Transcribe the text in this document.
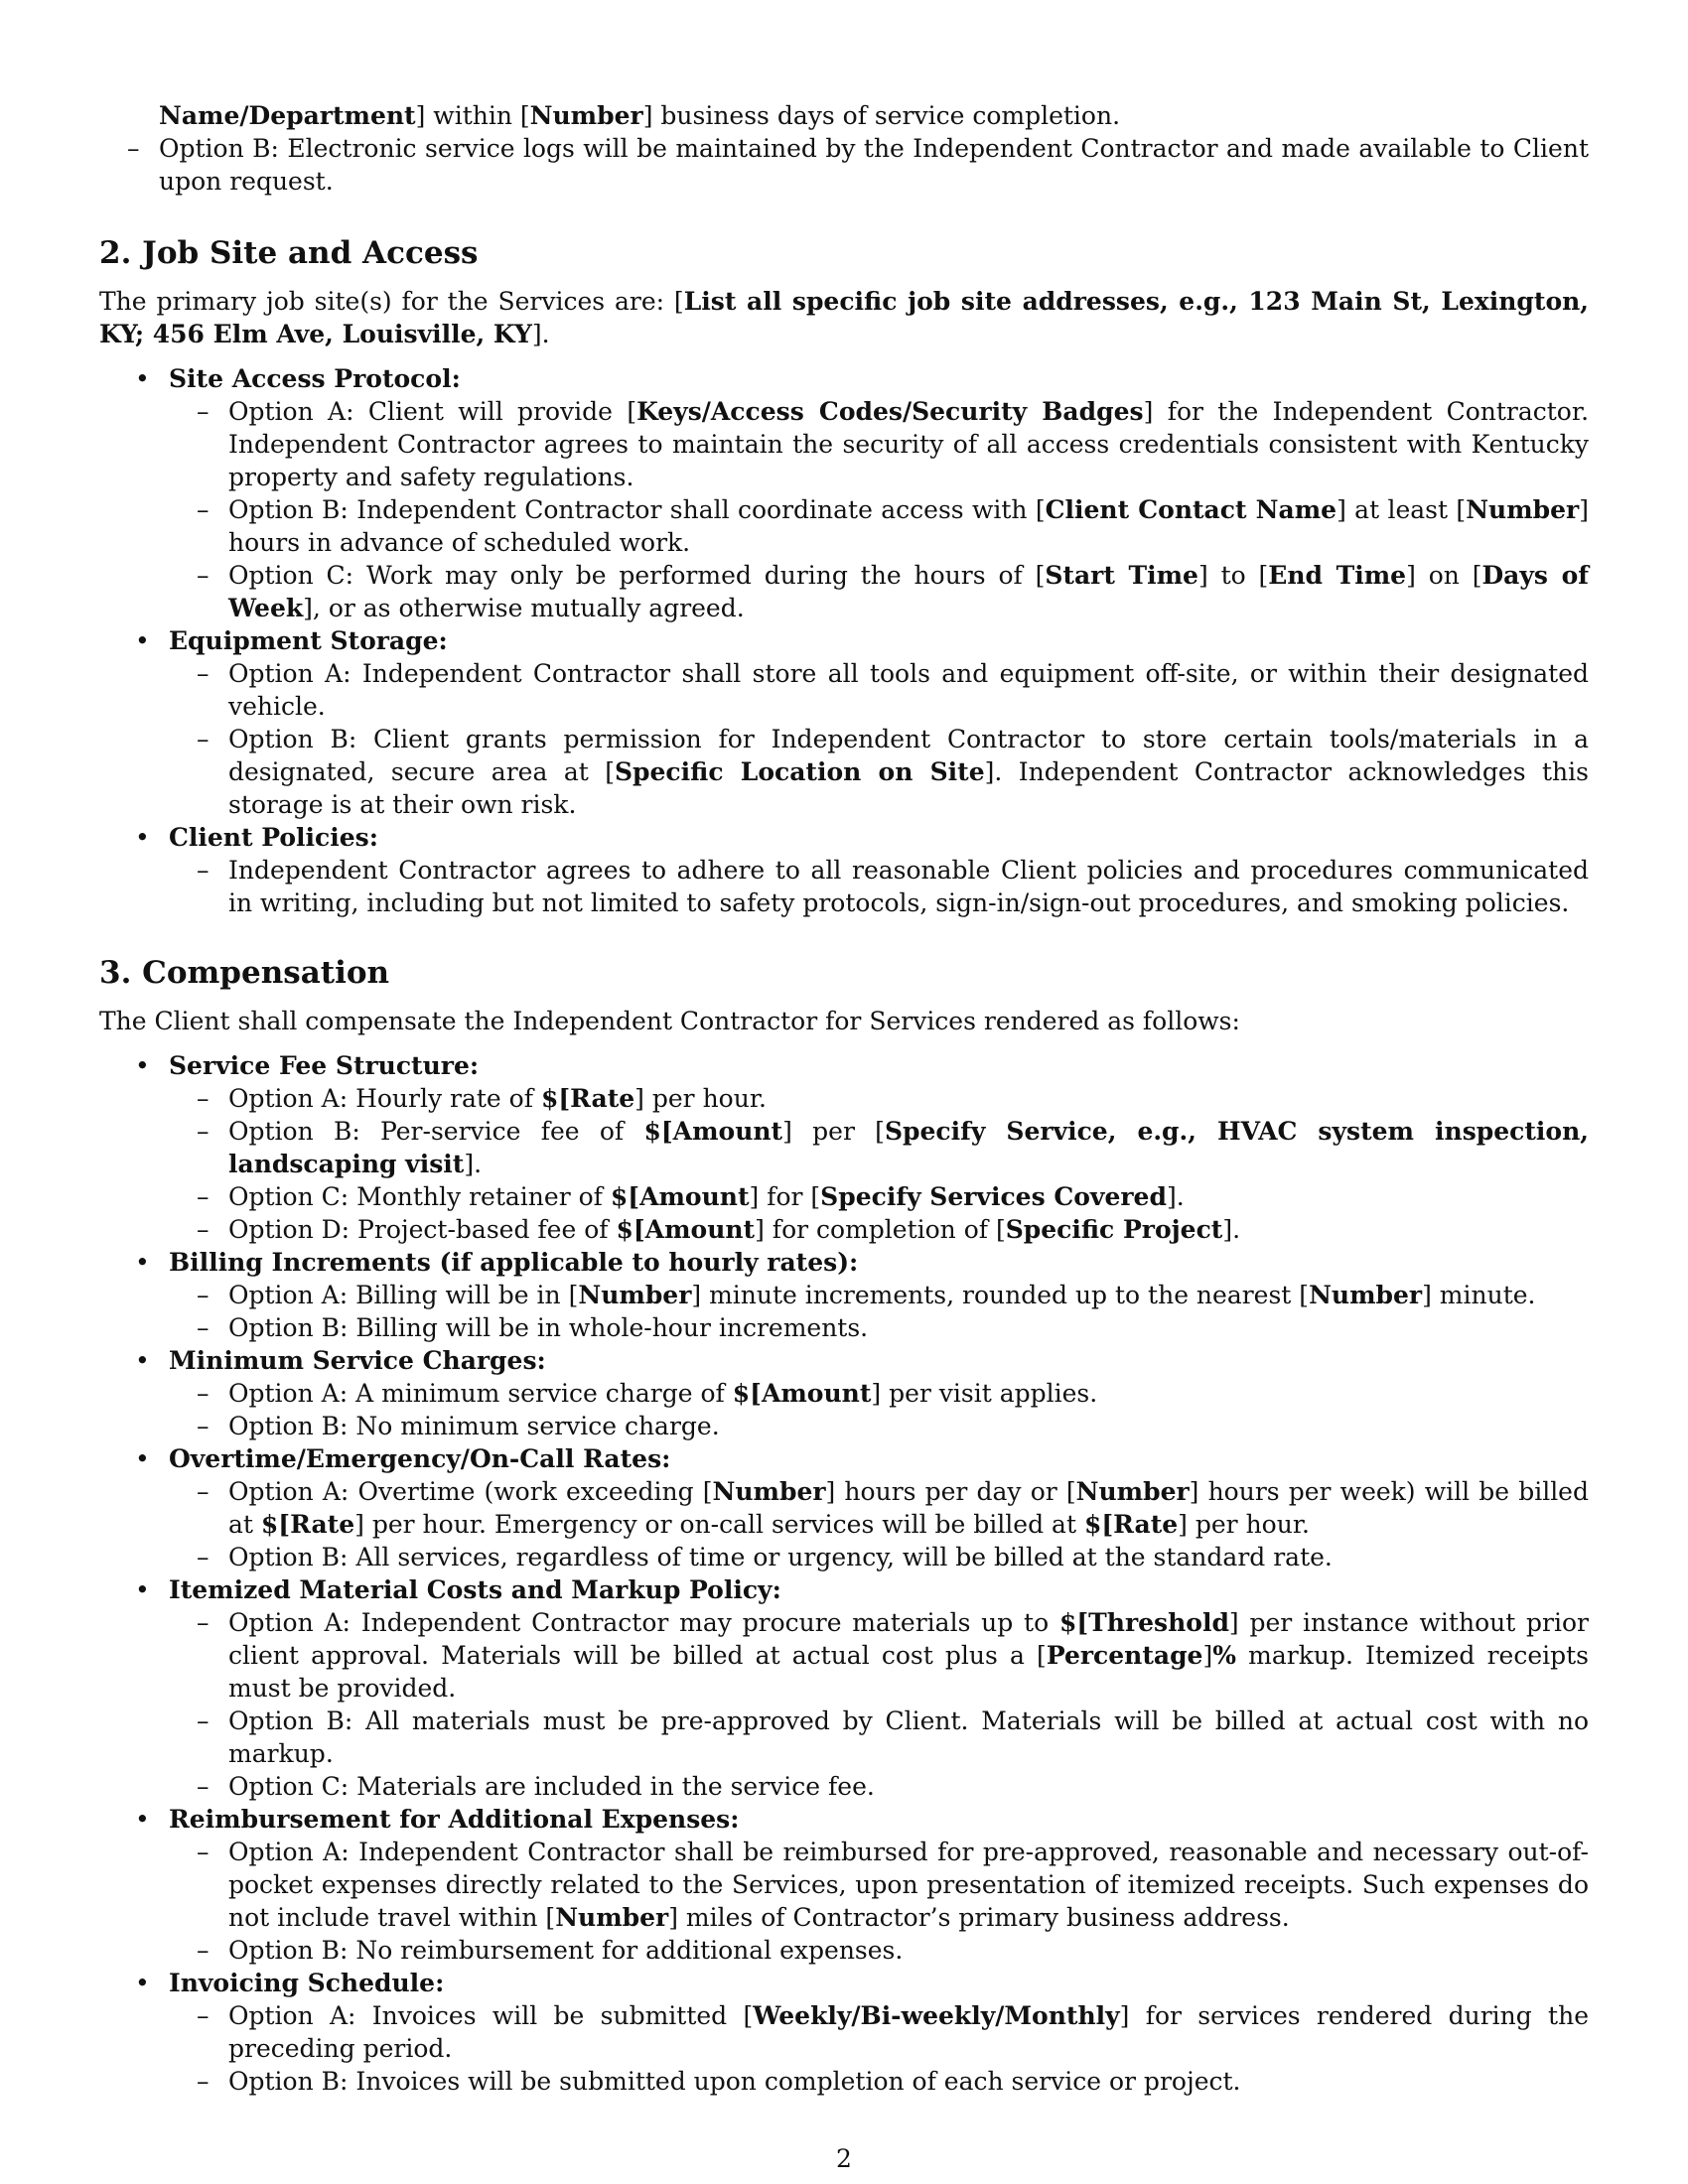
Name/Department] within [Number] business days of service completion.
– Option B: Electronic service logs will be maintained by the Independent Contractor and made available to Client upon request.
2. Job Site and Access

The primary job site(s) for the Services are: [List all specific job site addresses, e.g., 123 Main St, Lexington, KY; 456 Elm Ave, Louisville, KY].

• Site Access Protocol:
– Option A: Client will provide [Keys/Access Codes/Security Badges] for the Independent Contractor. Independent Contractor agrees to maintain the security of all access credentials consistent with Kentucky property and safety regulations.
– Option B: Independent Contractor shall coordinate access with [Client Contact Name] at least [Number] hours in advance of scheduled work.
– Option C: Work may only be performed during the hours of [Start Time] to [End Time] on [Days of Week], or as otherwise mutually agreed.
• Equipment Storage:
– Option A: Independent Contractor shall store all tools and equipment off-site, or within their designated vehicle.
– Option B: Client grants permission for Independent Contractor to store certain tools/materials in a designated, secure area at [Specific Location on Site]. Independent Contractor acknowledges this storage is at their own risk.
• Client Policies:
– Independent Contractor agrees to adhere to all reasonable Client policies and procedures communicated in writing, including but not limited to safety protocols, sign-in/sign-out procedures, and smoking policies.
3. Compensation

The Client shall compensate the Independent Contractor for Services rendered as follows:

• Service Fee Structure:
– Option A: Hourly rate of $[Rate] per hour.
– Option B: Per-service fee of $[Amount] per [Specify Service, e.g., HVAC system inspection, landscaping visit].
– Option C: Monthly retainer of $[Amount] for [Specify Services Covered].
– Option D: Project-based fee of $[Amount] for completion of [Specific Project].
• Billing Increments (if applicable to hourly rates):
– Option A: Billing will be in [Number] minute increments, rounded up to the nearest [Number] minute.
– Option B: Billing will be in whole-hour increments.
• Minimum Service Charges:
– Option A: A minimum service charge of $[Amount] per visit applies.
– Option B: No minimum service charge.
• Overtime/Emergency/On-Call Rates:
– Option A: Overtime (work exceeding [Number] hours per day or [Number] hours per week) will be billed at $[Rate] per hour. Emergency or on-call services will be billed at $[Rate] per hour.
– Option B: All services, regardless of time or urgency, will be billed at the standard rate.
• Itemized Material Costs and Markup Policy:
– Option A: Independent Contractor may procure materials up to $[Threshold] per instance without prior client approval. Materials will be billed at actual cost plus a [Percentage]% markup. Itemized receipts must be provided.
– Option B: All materials must be pre-approved by Client. Materials will be billed at actual cost with no markup.
– Option C: Materials are included in the service fee.
• Reimbursement for Additional Expenses:
– Option A: Independent Contractor shall be reimbursed for pre-approved, reasonable and necessary out-of-pocket expenses directly related to the Services, upon presentation of itemized receipts. Such expenses do not include travel within [Number] miles of Contractor’s primary business address.
– Option B: No reimbursement for additional expenses.
• Invoicing Schedule:
– Option A: Invoices will be submitted [Weekly/Bi-weekly/Monthly] for services rendered during the preceding period.
– Option B: Invoices will be submitted upon completion of each service or project.
2
